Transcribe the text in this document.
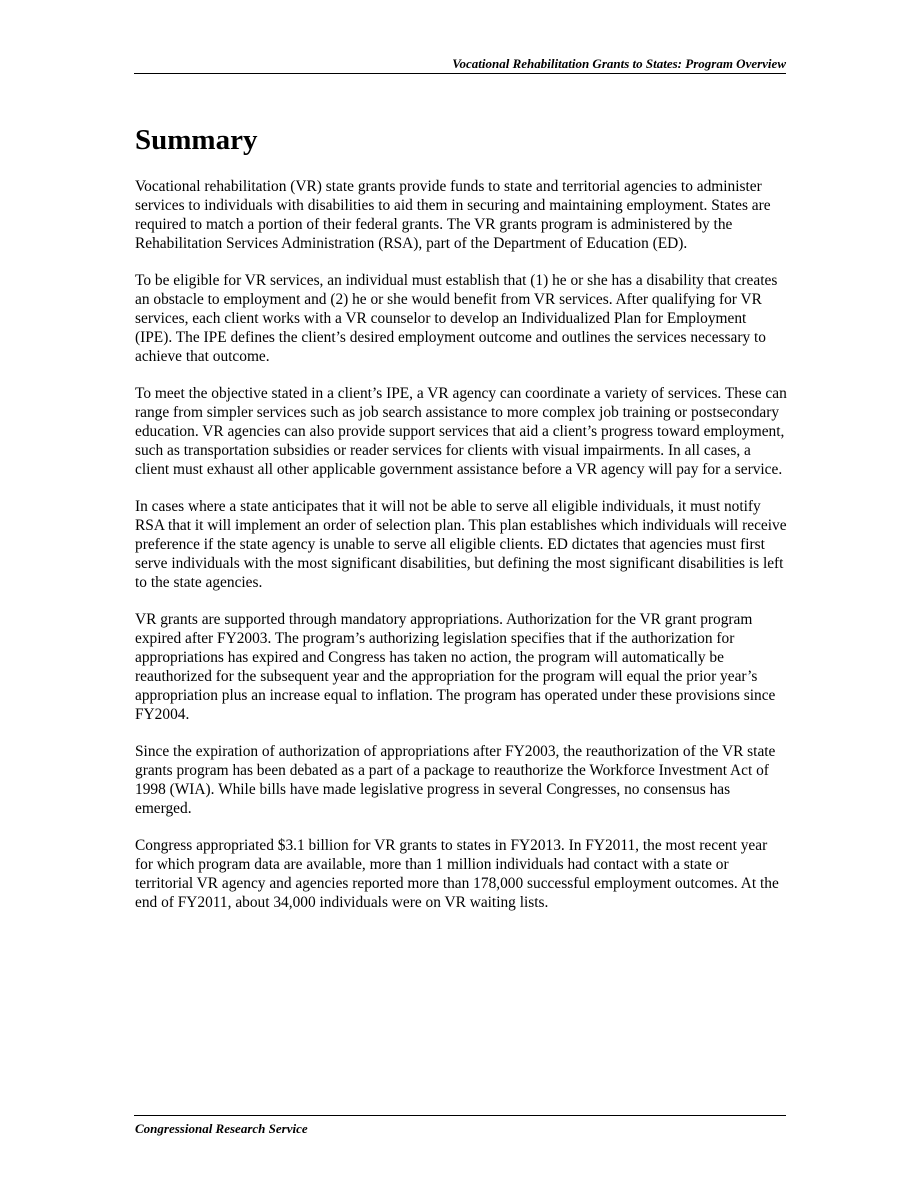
Vocational Rehabilitation Grants to States: Program Overview
Summary

Vocational rehabilitation (VR) state grants provide funds to state and territorial agencies to administer services to individuals with disabilities to aid them in securing and maintaining employment. States are required to match a portion of their federal grants. The VR grants program is administered by the Rehabilitation Services Administration (RSA), part of the Department of Education (ED).

To be eligible for VR services, an individual must establish that (1) he or she has a disability that creates an obstacle to employment and (2) he or she would benefit from VR services. After qualifying for VR services, each client works with a VR counselor to develop an Individualized Plan for Employment (IPE). The IPE defines the client’s desired employment outcome and outlines the services necessary to achieve that outcome.

To meet the objective stated in a client’s IPE, a VR agency can coordinate a variety of services. These can range from simpler services such as job search assistance to more complex job training or postsecondary education. VR agencies can also provide support services that aid a client’s progress toward employment, such as transportation subsidies or reader services for clients with visual impairments. In all cases, a client must exhaust all other applicable government assistance before a VR agency will pay for a service.

In cases where a state anticipates that it will not be able to serve all eligible individuals, it must notify RSA that it will implement an order of selection plan. This plan establishes which individuals will receive preference if the state agency is unable to serve all eligible clients. ED dictates that agencies must first serve individuals with the most significant disabilities, but defining the most significant disabilities is left to the state agencies.

VR grants are supported through mandatory appropriations. Authorization for the VR grant program expired after FY2003. The program’s authorizing legislation specifies that if the authorization for appropriations has expired and Congress has taken no action, the program will automatically be reauthorized for the subsequent year and the appropriation for the program will equal the prior year’s appropriation plus an increase equal to inflation. The program has operated under these provisions since FY2004.

Since the expiration of authorization of appropriations after FY2003, the reauthorization of the VR state grants program has been debated as a part of a package to reauthorize the Workforce Investment Act of 1998 (WIA). While bills have made legislative progress in several Congresses, no consensus has emerged.

Congress appropriated $3.1 billion for VR grants to states in FY2013. In FY2011, the most recent year for which program data are available, more than 1 million individuals had contact with a state or territorial VR agency and agencies reported more than 178,000 successful employment outcomes. At the end of FY2011, about 34,000 individuals were on VR waiting lists.

Congressional Research Service
